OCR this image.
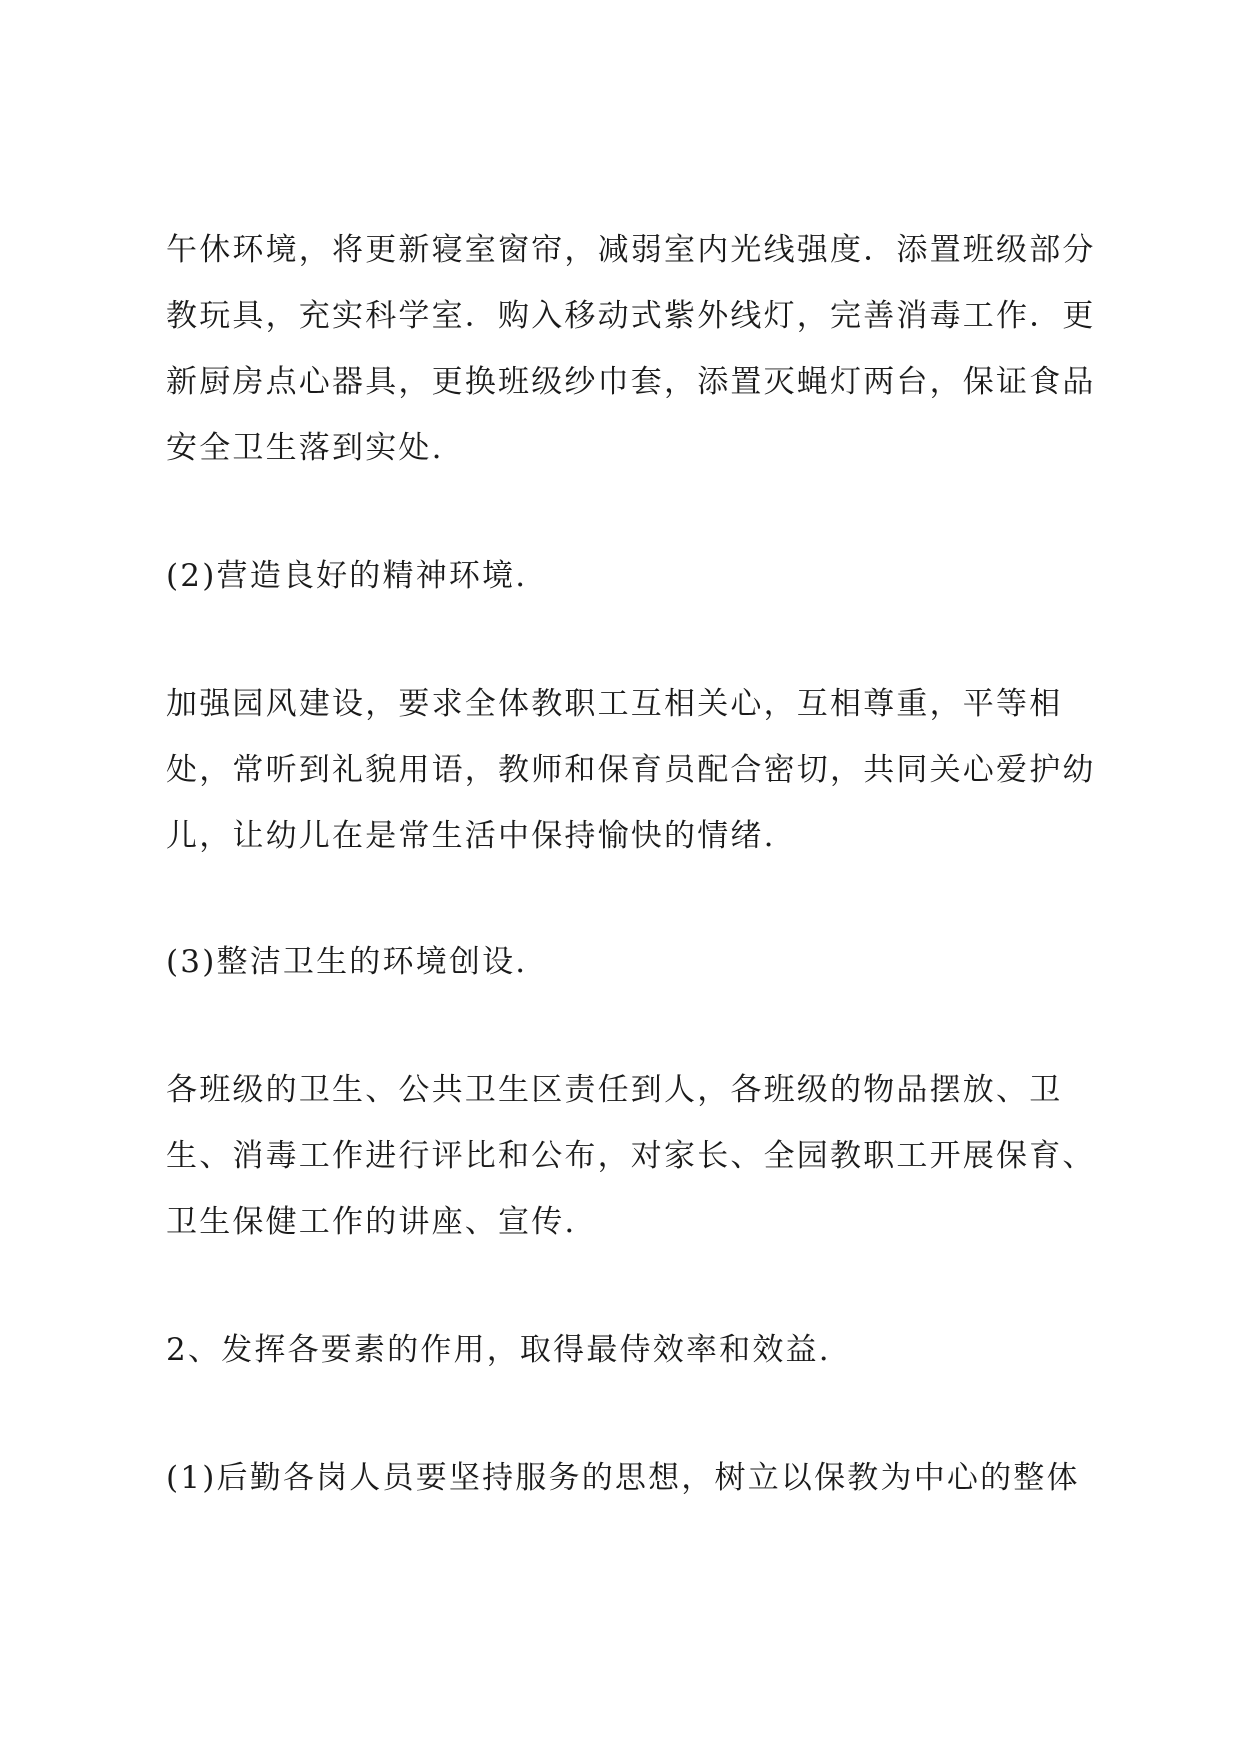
午休环境，将更新寝室窗帘，减弱室内光线强度．添置班级部分
教玩具，充实科学室．购入移动式紫外线灯，完善消毒工作．更
新厨房点心器具，更换班级纱巾套，添置灭蝇灯两台，保证食品
安全卫生落到实处.
(2)营造良好的精神环境.
加强园风建设，要求全体教职工互相关心，互相尊重，平等相
处，常听到礼貌用语，教师和保育员配合密切，共同关心爱护幼
儿，让幼儿在是常生活中保持愉快的情绪.
(3)整洁卫生的环境创设.
各班级的卫生、公共卫生区责任到人，各班级的物品摆放、卫
生、消毒工作进行评比和公布，对家长、全园教职工开展保育、
卫生保健工作的讲座、宣传.
2、发挥各要素的作用，取得最侍效率和效益.
(1)后勤各岗人员要坚持服务的思想，树立以保教为中心的整体
